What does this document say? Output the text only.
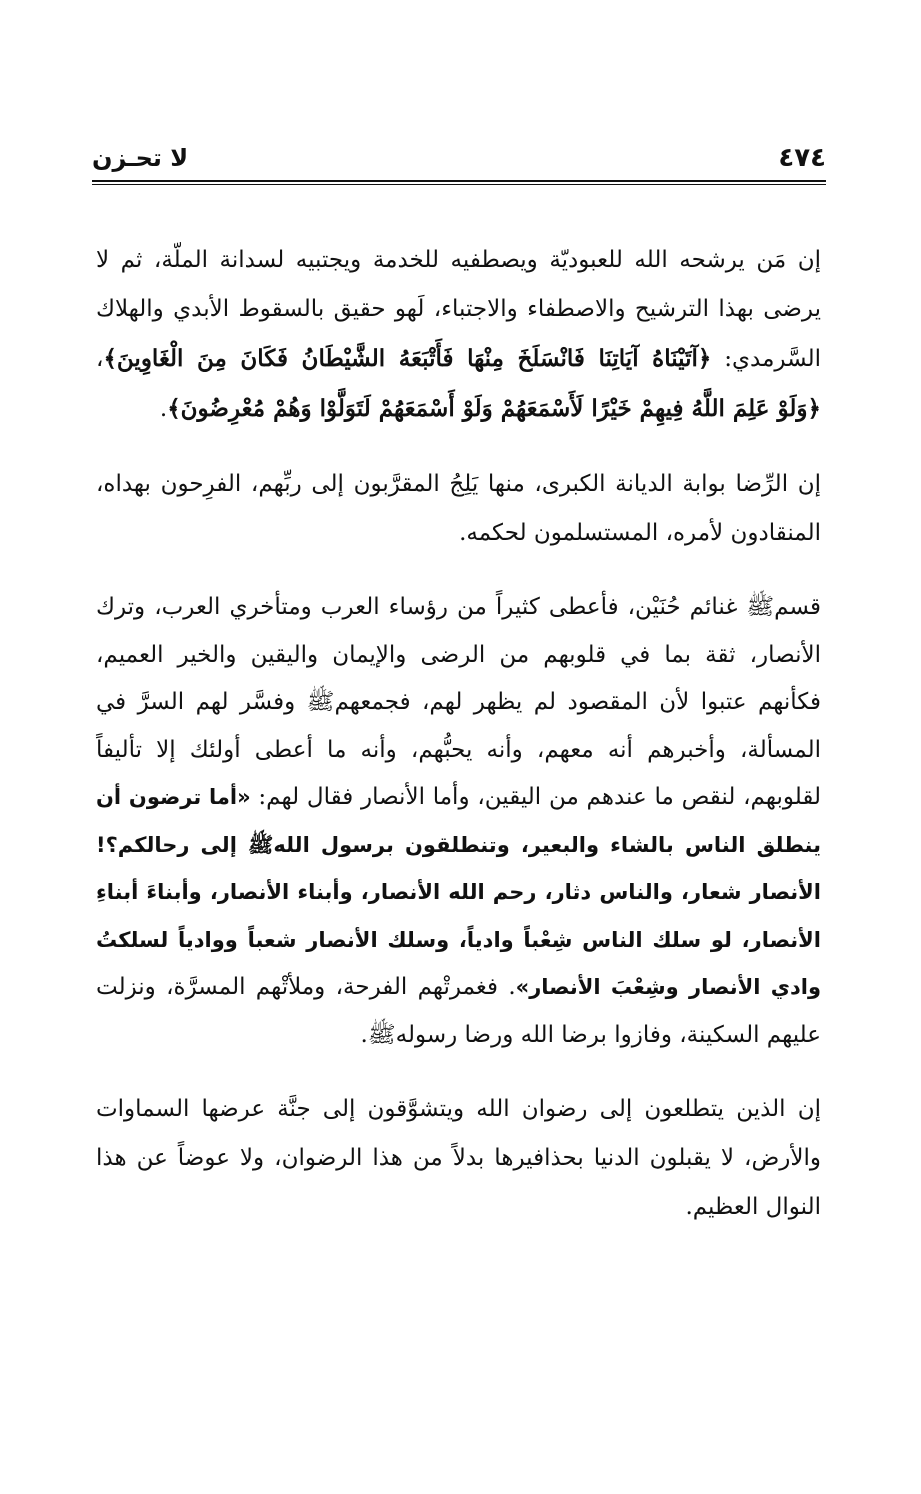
٤٧٤
لا تحـزن

إن مَن يرشحه الله للعبوديّة ويصطفيه للخدمة ويجتبيه لسدانة الملّة، ثم لا يرضى بهذا الترشيح والاصطفاء والاجتباء، لَهو حقيق بالسقوط الأبدي والهلاك السَّرمدي: ﴿آتَيْنَاهُ آيَاتِنَا فَانْسَلَخَ مِنْهَا فَأَتْبَعَهُ الشَّيْطَانُ فَكَانَ مِنَ الْغَاوِينَ﴾، ﴿وَلَوْ عَلِمَ اللَّهُ فِيهِمْ خَيْرًا لَأَسْمَعَهُمْ وَلَوْ أَسْمَعَهُمْ لَتَوَلَّوْا وَهُمْ مُعْرِضُونَ﴾.

إن الرِّضا بوابة الديانة الكبرى، منها يَلِجُ المقرَّبون إلى ربِّهم، الفرِحون بهداه، المنقادون لأمره، المستسلمون لحكمه.

قسمﷺ غنائم حُنَيْن، فأعطى كثيراً من رؤساء العرب ومتأخري العرب، وترك الأنصار، ثقة بما في قلوبهم من الرضى والإيمان واليقين والخير العميم، فكأنهم عتبوا لأن المقصود لم يظهر لهم، فجمعهمﷺ وفسَّر لهم السرَّ في المسألة، وأخبرهم أنه معهم، وأنه يحبُّهم، وأنه ما أعطى أولئك إلا تأليفاً لقلوبهم، لنقص ما عندهم من اليقين، وأما الأنصار فقال لهم: «أما ترضون أن ينطلق الناس بالشاء والبعير، وتنطلقون برسول اللهﷺ إلى رحالكم؟! الأنصار شعار، والناس دثار، رحم الله الأنصار، وأبناء الأنصار، وأبناءَ أبناءِ الأنصار، لو سلك الناس شِعْباً وادياً، وسلك الأنصار شعباً ووادياً لسلكتُ وادي الأنصار وشِعْبَ الأنصار». فغمرتْهم الفرحة، وملأتْهم المسرَّة، ونزلت عليهم السكينة، وفازوا برضا الله ورضا رسولهﷺ.

إن الذين يتطلعون إلى رضوان الله ويتشوَّقون إلى جنَّة عرضها السماوات والأرض، لا يقبلون الدنيا بحذافيرها بدلاً من هذا الرضوان، ولا عوضاً عن هذا النوال العظيم.
